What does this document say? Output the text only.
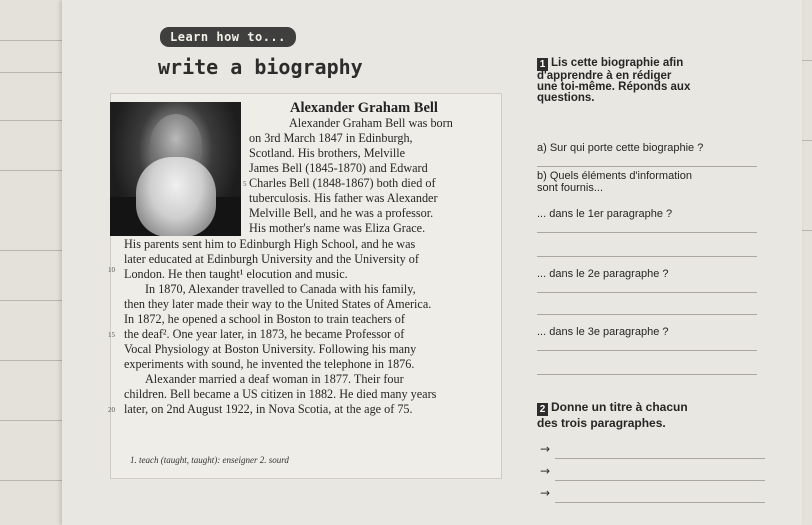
Learn how to...
write a biography
Alexander Graham Bell
Alexander Graham Bell was born
on 3rd March 1847 in Edinburgh,
Scotland. His brothers, Melville
James Bell (1845-1870) and Edward
Charles Bell (1848-1867) both died of
5
tuberculosis. His father was Alexander
Melville Bell, and he was a professor.
His mother's name was Eliza Grace.
His parents sent him to Edinburgh High School, and he was
10
later educated at Edinburgh University and the University of
London. He then taught¹ elocution and music.
In 1870, Alexander travelled to Canada with his family,
then they later made their way to the United States of America.
In 1872, he opened a school in Boston to train teachers of
15 the deaf². One year later, in 1873, he became Professor of
Vocal Physiology at Boston University. Following his many
experiments with sound, he invented the telephone in 1876.
Alexander married a deaf woman in 1877. Their four
children. Bell became a US citizen in 1882. He died many years
20 later, on 2nd August 1922, in Nova Scotia, at the age of 75.
1. teach (taught, taught): enseigner 2. sourd
1 Lis cette biographie afin
d'apprendre à en rédiger
une toi-même. Réponds aux
questions.
a) Sur qui porte cette biographie ?
b) Quels éléments d'information
sont fournis...
... dans le 1er paragraphe ?
... dans le 2e paragraphe ?
... dans le 3e paragraphe ?
2 Donne un titre à chacun
des trois paragraphes.
→
→
→
